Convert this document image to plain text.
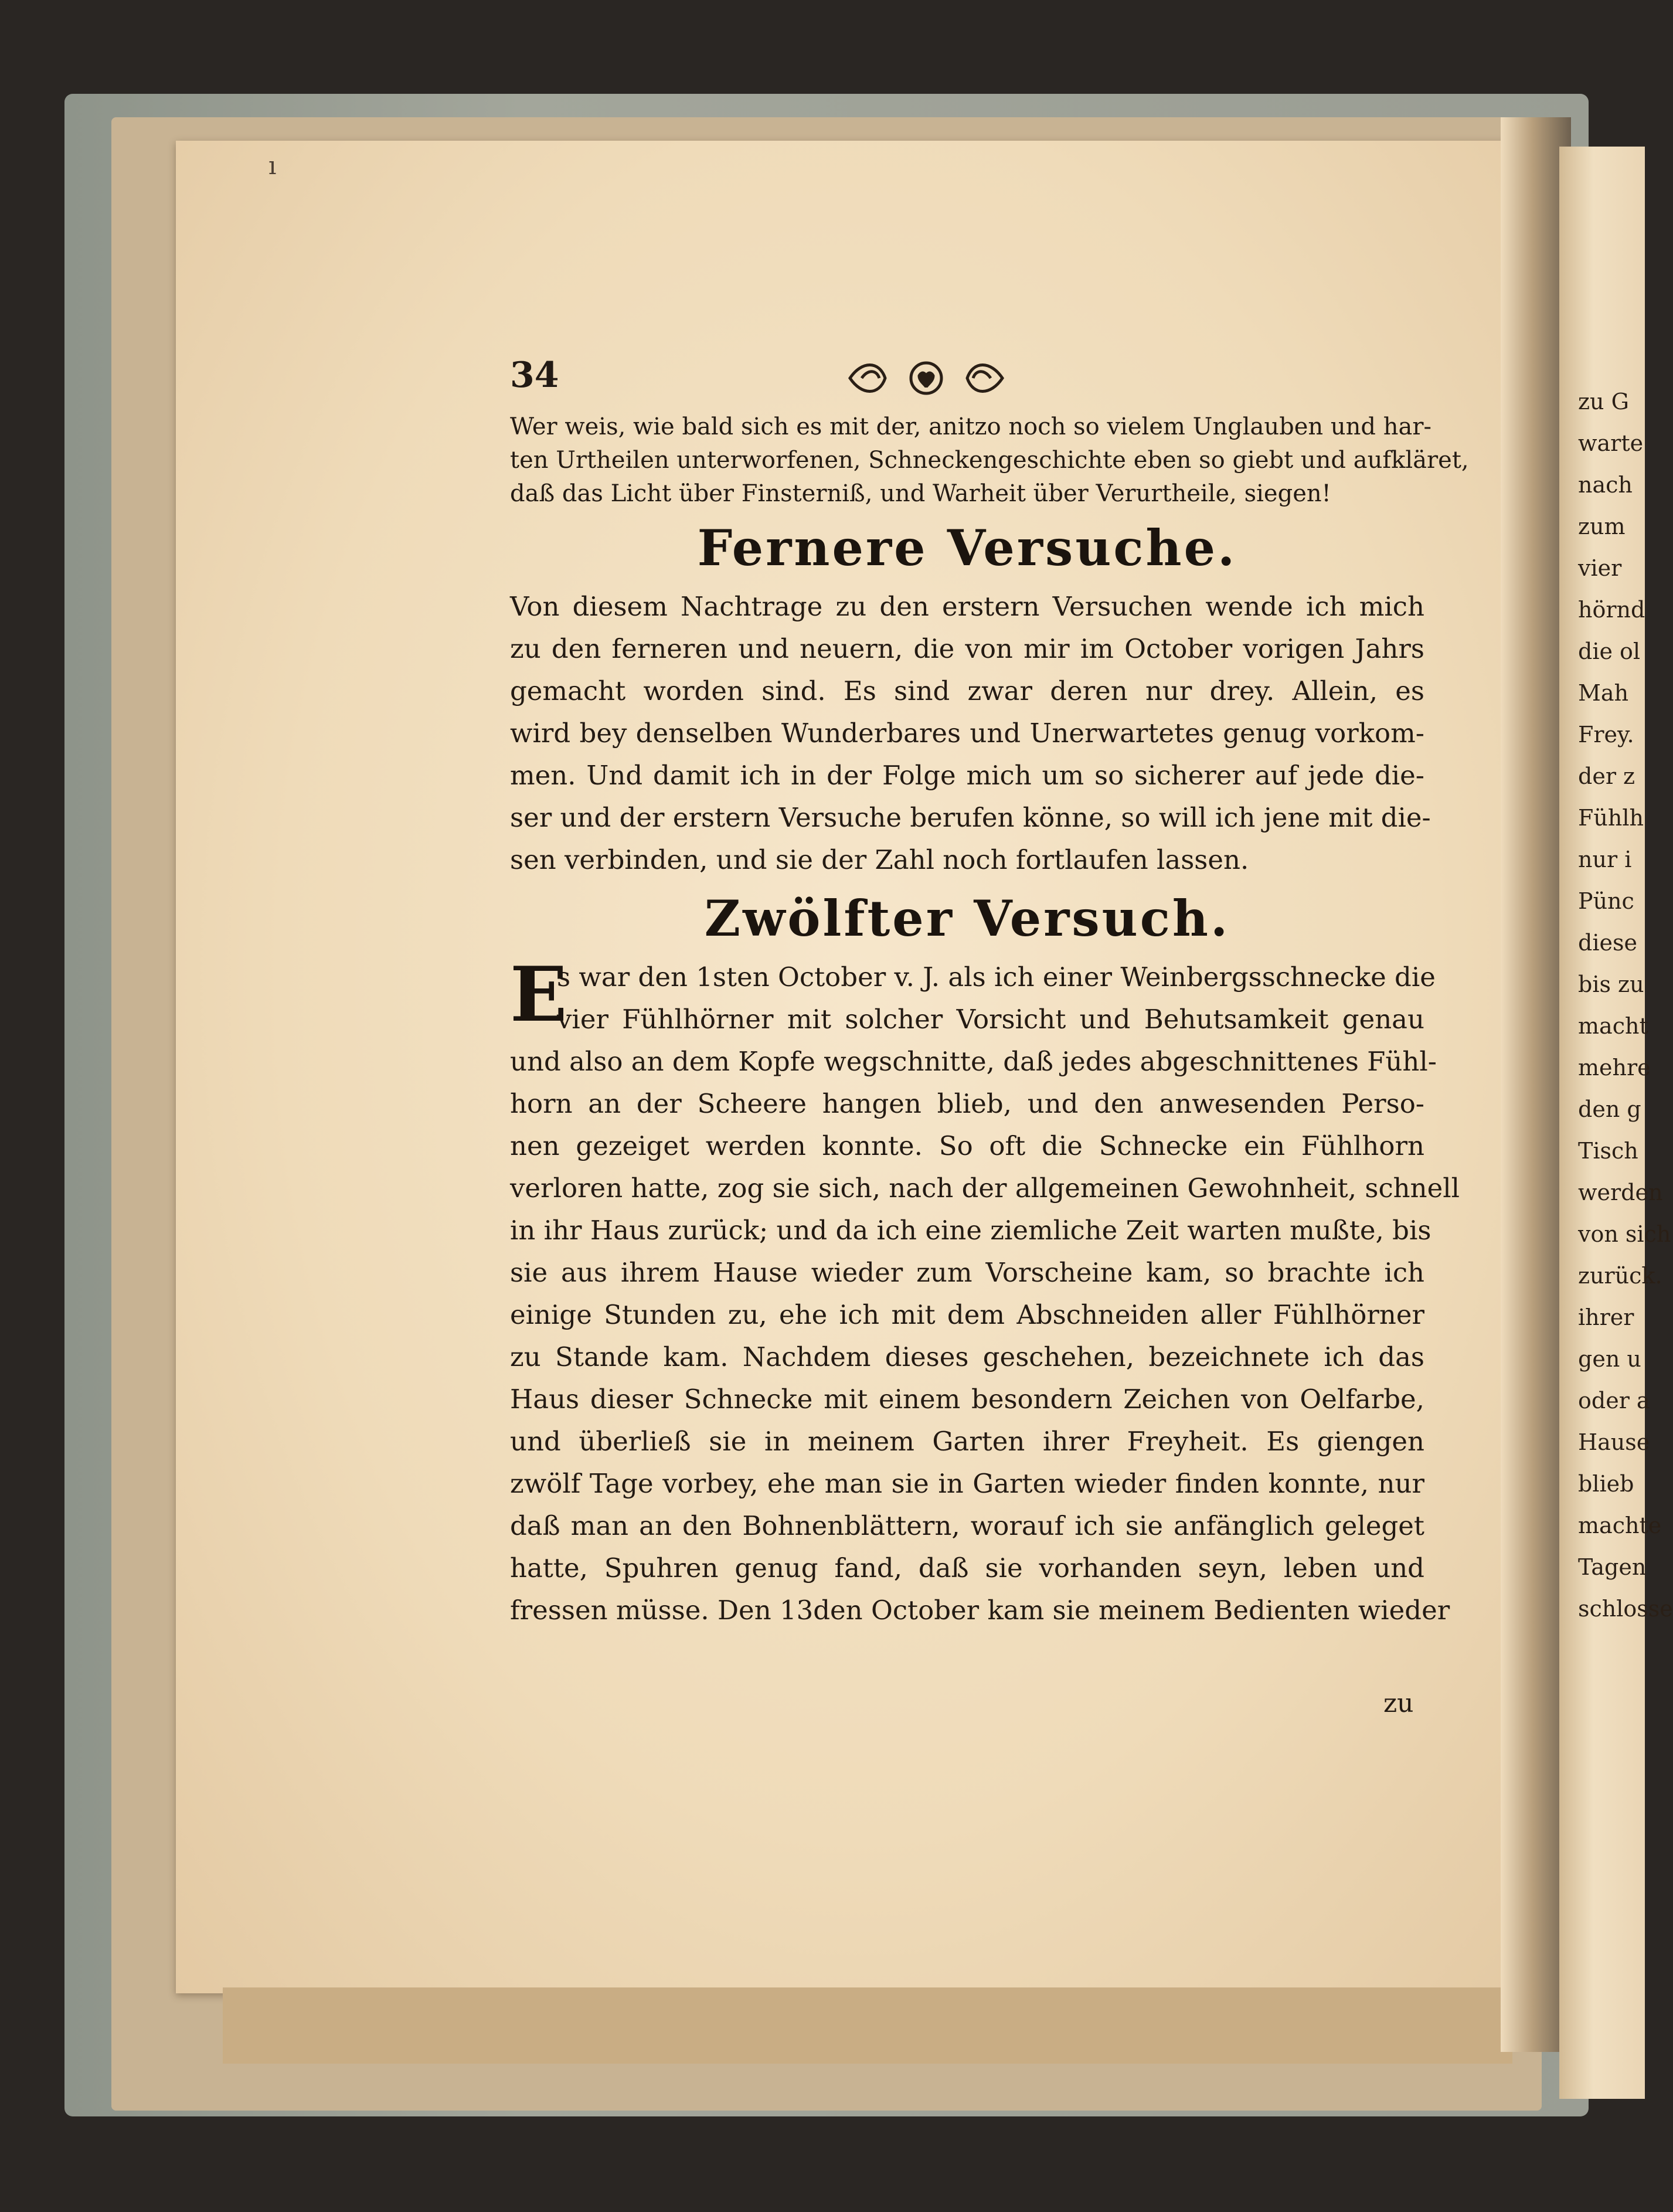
zu G
warte
nach
zum
vier
hörnd
die ol
Mah
Frey.
der z
Fühlh
nur i
Pünc
diese
bis zu
macht
mehre
den g
Tisch
werden
von sich
zurück.
ihrer
gen u
oder a
Hause
blieb
machte
Tagen
schlosse
ı
34
Wer weis, wie bald sich es mit der, anitzo noch so vielem Unglauben und har-
ten Urtheilen unterworfenen, Schneckengeschichte eben so giebt und aufkläret,
daß das Licht über Finsterniß, und Warheit über Verurtheile, siegen!
Fernere Versuche.
Von diesem Nachtrage zu den erstern Versuchen wende ich mich
zu den ferneren und neuern, die von mir im October vorigen Jahrs
gemacht worden sind. Es sind zwar deren nur drey. Allein, es
wird bey denselben Wunderbares und Unerwartetes genug vorkom-
men. Und damit ich in der Folge mich um so sicherer auf jede die-
ser und der erstern Versuche berufen könne, so will ich jene mit die-
sen verbinden, und sie der Zahl noch fortlaufen lassen.
Zwölfter Versuch.
E
s war den 1sten October v. J. als ich einer Weinbergsschnecke die
vier Fühlhörner mit solcher Vorsicht und Behutsamkeit genau
und also an dem Kopfe wegschnitte, daß jedes abgeschnittenes Fühl-
horn an der Scheere hangen blieb, und den anwesenden Perso-
nen gezeiget werden konnte. So oft die Schnecke ein Fühlhorn
verloren hatte, zog sie sich, nach der allgemeinen Gewohnheit, schnell
in ihr Haus zurück; und da ich eine ziemliche Zeit warten mußte, bis
sie aus ihrem Hause wieder zum Vorscheine kam, so brachte ich
einige Stunden zu, ehe ich mit dem Abschneiden aller Fühlhörner
zu Stande kam. Nachdem dieses geschehen, bezeichnete ich das
Haus dieser Schnecke mit einem besondern Zeichen von Oelfarbe,
und überließ sie in meinem Garten ihrer Freyheit. Es giengen
zwölf Tage vorbey, ehe man sie in Garten wieder finden konnte, nur
daß man an den Bohnenblättern, worauf ich sie anfänglich geleget
hatte, Spuhren genug fand, daß sie vorhanden seyn, leben und
fressen müsse. Den 13den October kam sie meinem Bedienten wieder
zu
